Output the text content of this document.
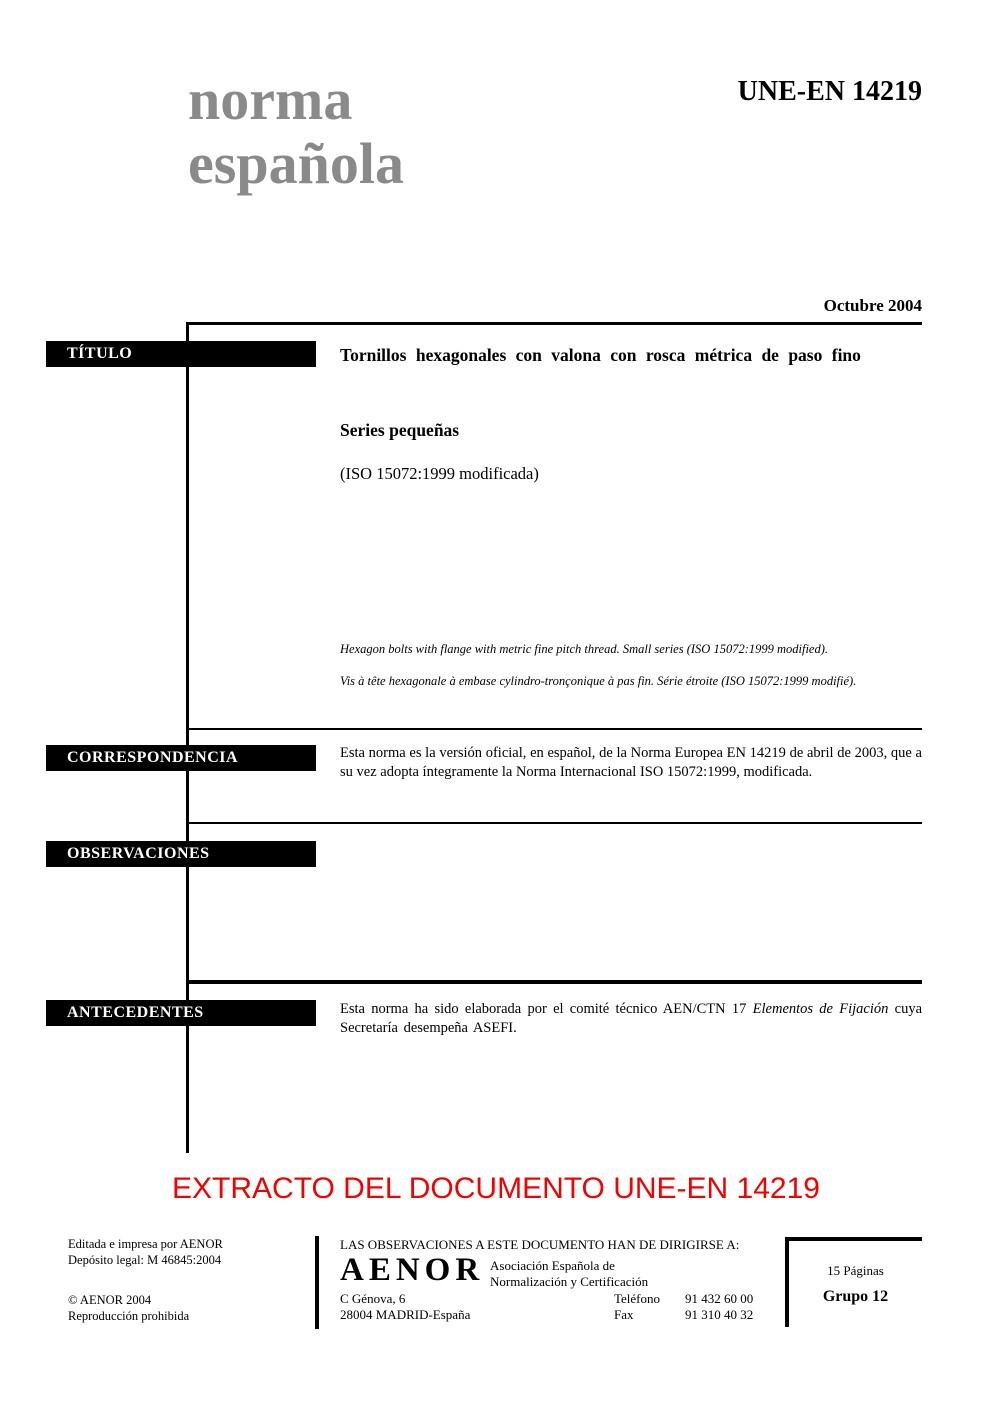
norma
española
UNE-EN 14219
Octubre 2004
TÍTULO
CORRESPONDENCIA
OBSERVACIONES
ANTECEDENTES
Tornillos hexagonales con valona con rosca métrica de paso fino
Series pequeñas
(ISO 15072:1999 modificada)
Hexagon bolts with flange with metric fine pitch thread. Small series (ISO 15072:1999 modified).
Vis à tête hexagonale à embase cylindro-tronçonique à pas fin. Série étroite (ISO 15072:1999 modifié).
Esta norma es la versión oficial, en español, de la Norma Europea EN 14219 de abril de 2003, que a su vez adopta íntegramente la Norma Internacional ISO 15072:1999, modificada.
Esta norma ha sido elaborada por el comité técnico AEN/CTN 17 Elementos de Fijación cuya Secretaría desempeña ASEFI.
EXTRACTO DEL DOCUMENTO UNE-EN 14219
Editada e impresa por AENOR
Depósito legal: M 46845:2004
© AENOR 2004
Reproducción prohibida
LAS OBSERVACIONES A ESTE DOCUMENTO HAN DE DIRIGIRSE A:
AENOR Asociación Española de
Normalización y Certificación
C Génova, 6
28004 MADRID-España
Teléfono
Fax
91 432 60 00
91 310 40 32
15 Páginas
Grupo 12
